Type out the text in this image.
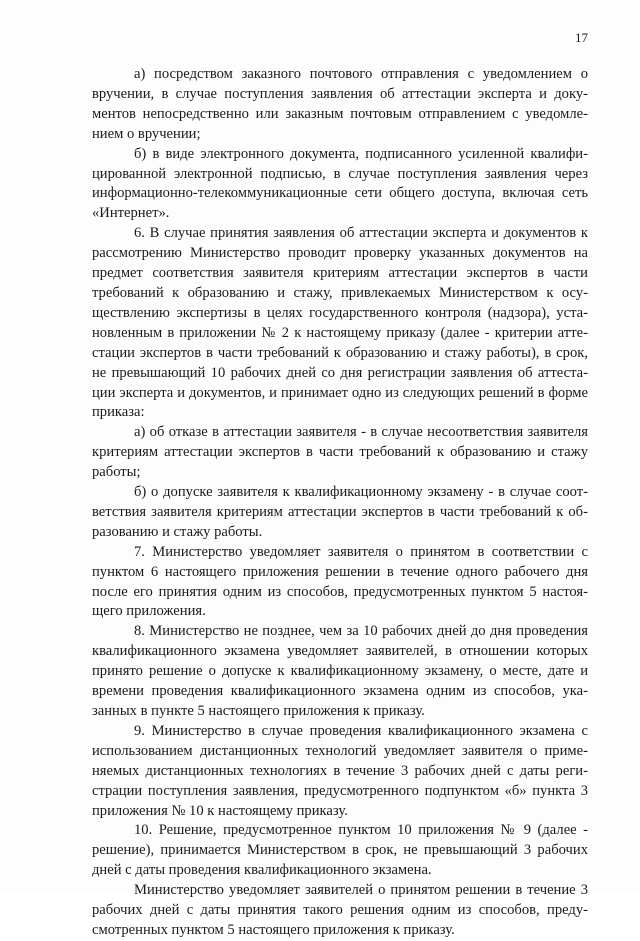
17

а) посредством заказного почтового отправления с уведомлением о вручении, в случае поступления заявления об аттестации эксперта и документов непосредственно или заказным почтовым отправлением с уведомлением о вручении;

б) в виде электронного документа, подписанного усиленной квалифицированной электронной подписью, в случае поступления заявления через информационно-телекоммуникационные сети общего доступа, включая сеть «Интернет».

6. В случае принятия заявления об аттестации эксперта и документов к рассмотрению Министерство проводит проверку указанных документов на предмет соответствия заявителя критериям аттестации экспертов в части требований к образованию и стажу, привлекаемых Министерством к осуществлению экспертизы в целях государственного контроля (надзора), установленным в приложении № 2 к настоящему приказу (далее - критерии аттестации экспертов в части требований к образованию и стажу работы), в срок, не превышающий 10 рабочих дней со дня регистрации заявления об аттестации эксперта и документов, и принимает одно из следующих решений в форме приказа:

а) об отказе в аттестации заявителя - в случае несоответствия заявителя критериям аттестации экспертов в части требований к образованию и стажу работы;

б) о допуске заявителя к квалификационному экзамену - в случае соответствия заявителя критериям аттестации экспертов в части требований к образованию и стажу работы.

7. Министерство уведомляет заявителя о принятом в соответствии с пунктом 6 настоящего приложения решении в течение одного рабочего дня после его принятия одним из способов, предусмотренных пунктом 5 настоящего приложения.

8. Министерство не позднее, чем за 10 рабочих дней до дня проведения квалификационного экзамена уведомляет заявителей, в отношении которых принято решение о допуске к квалификационному экзамену, о месте, дате и времени проведения квалификационного экзамена одним из способов, указанных в пункте 5 настоящего приложения к приказу.

9. Министерство в случае проведения квалификационного экзамена с использованием дистанционных технологий уведомляет заявителя о применяемых дистанционных технологиях в течение 3 рабочих дней с даты регистрации поступления заявления, предусмотренного подпунктом «б» пункта 3 приложения № 10 к настоящему приказу.

10. Решение, предусмотренное пунктом 10 приложения № 9 (далее - решение), принимается Министерством в срок, не превышающий 3 рабочих дней с даты проведения квалификационного экзамена.

Министерство уведомляет заявителей о принятом решении в течение 3 рабочих дней с даты принятия такого решения одним из способов, предусмотренных пунктом 5 настоящего приложения к приказу.
